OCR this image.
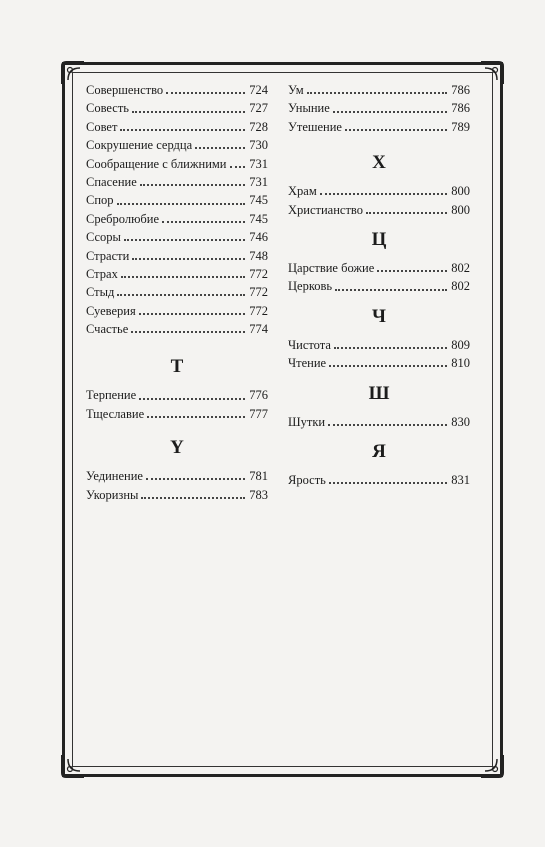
Совершенство	724
Совесть	727
Совет	728
Сокрушение сердца	730
Сообращение с ближними 731
Спасение	731
Спор	745
Сребролюбие	745
Ссоры	746
Страсти	748
Страх	772
Стыд	772
Суеверия	772
Счастье	774
Т
Терпение	776
Тщеславие	777
Ү
Уединение	781
Укоризны	783
Ум	786
Уныние	786
Утешение	789
Х
Храм	800
Христианство	800
Ц
Царствие божие	802
Церковь	802
Ч
Чистота	809
Чтение	810
Ш
Шутки	830
Я
Ярость	831
